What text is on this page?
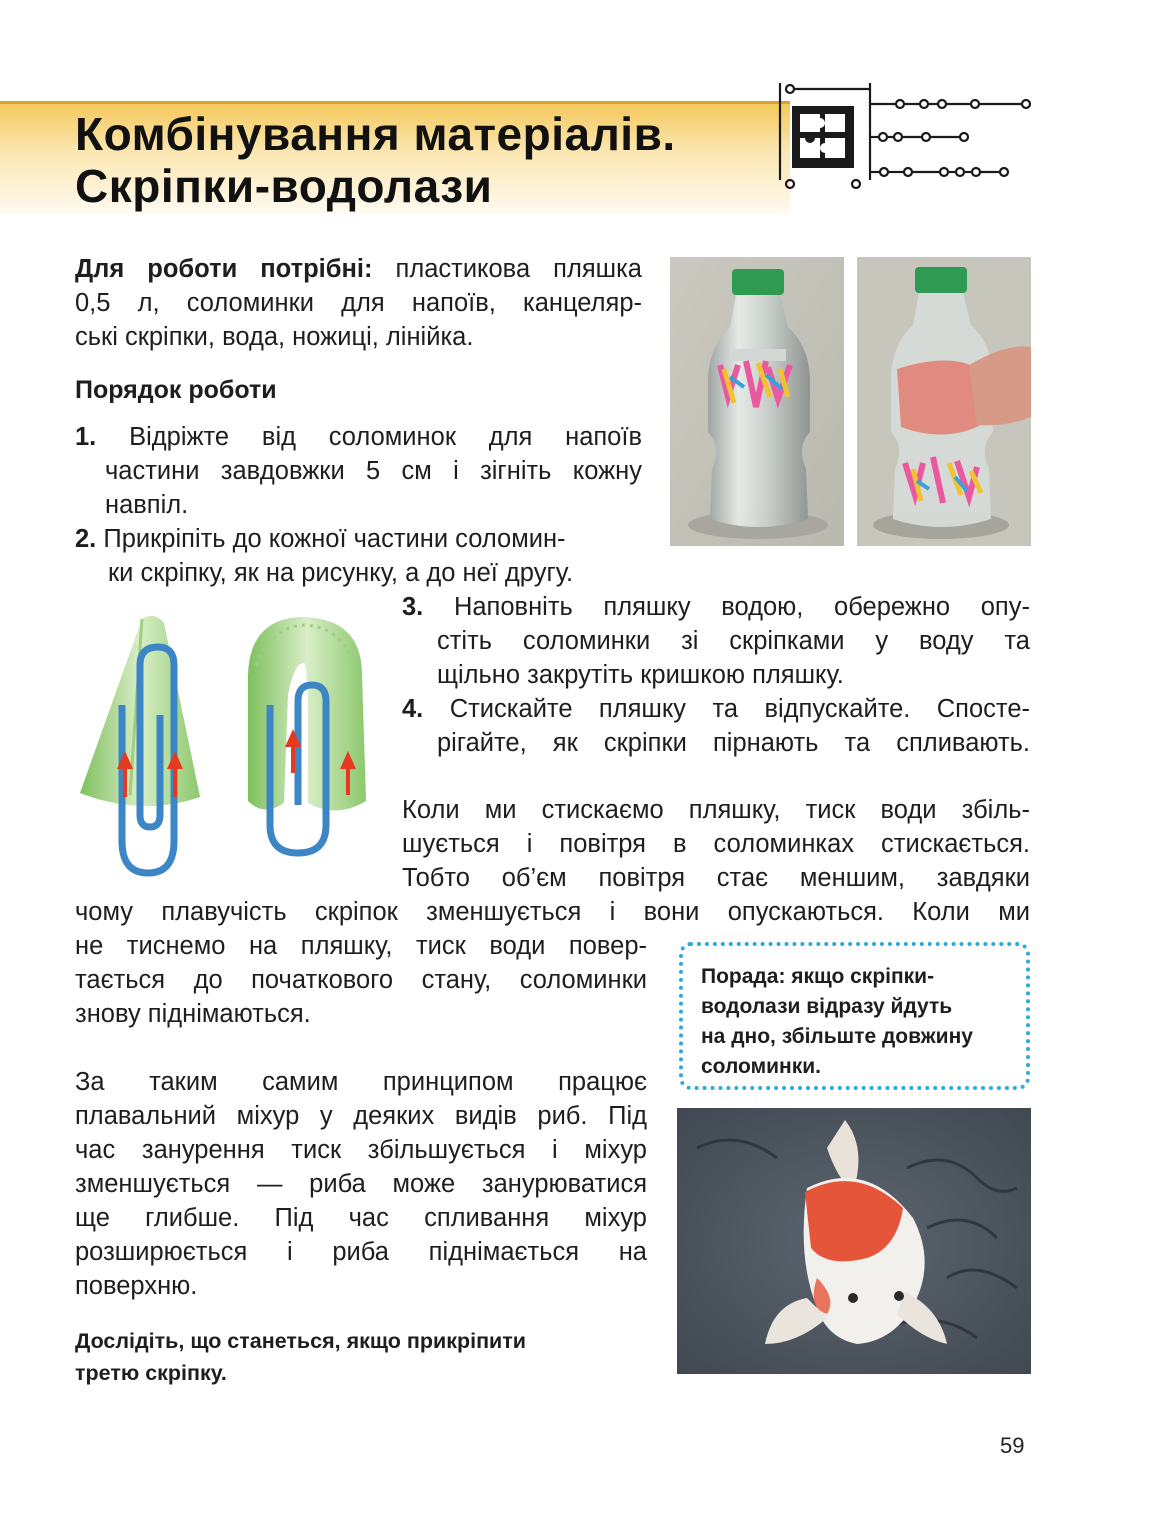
Комбінування матеріалів.
Скріпки-водолази
Для роботи потрібні: пластикова пляшка
0,5 л, соломинки для напоїв, канцеляр-
ські скріпки, вода, ножиці, лінійка.
Порядок роботи
1. Відріжте від соломинок для напоїв
частини завдовжки 5 см і зігніть кожну
навпіл.
2. Прикріпіть до кожної частини соломин-
ки скріпку, як на рисунку, а до неї другу.
3. Наповніть пляшку водою, обережно опу-
стіть соломинки зі скріпками у воду та
щільно закрутіть кришкою пляшку.
4. Стискайте пляшку та відпускайте. Спосте-
рігайте, як скріпки пірнають та спливають.
Коли ми стискаємо пляшку, тиск води збіль-
шується і повітря в соломинках стискається.
Тобто об’єм повітря стає меншим, завдяки
чому плавучість скріпок зменшується і вони опускаються. Коли ми
не тиснемо на пляшку, тиск води повер-
тається до початкового стану, соломинки
знову піднімаються.
Порада: якщо скріпки-
водолази відразу йдуть
на дно, збільште довжину
соломинки.
За таким самим принципом працює
плавальний міхур у деяких видів риб. Під
час занурення тиск збільшується і міхур
зменшується — риба може занурюватися
ще глибше. Під час спливання міхур
розширюється і риба піднімається на
поверхню.
Дослідіть, що станеться, якщо прикріпити
третю скріпку.
59
